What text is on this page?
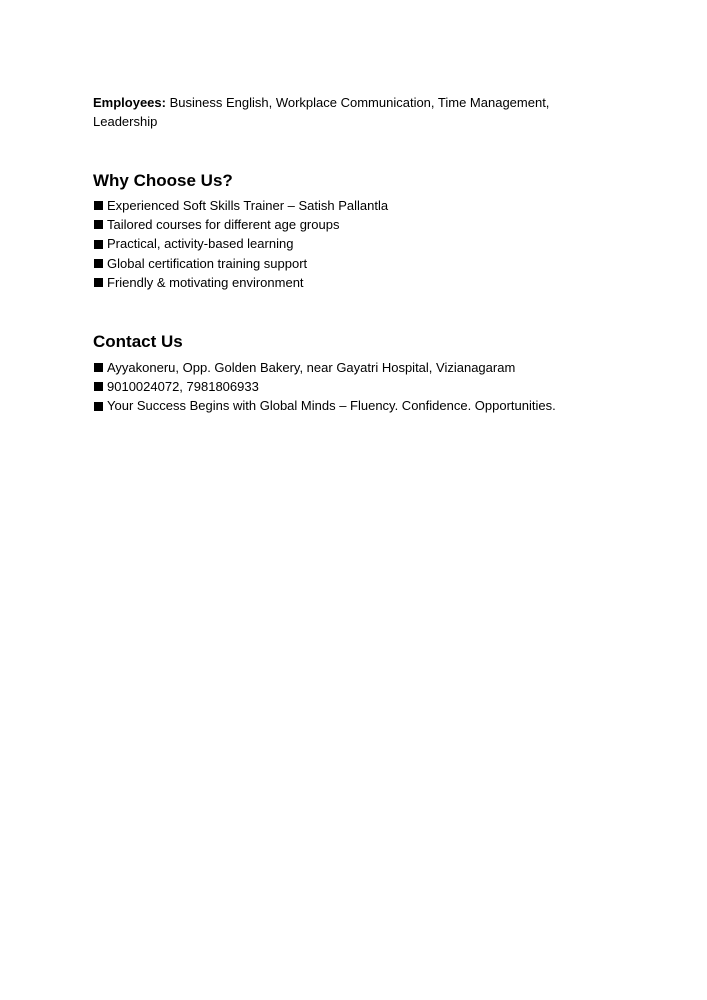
Employees: Business English, Workplace Communication, Time Management, Leadership

Why Choose Us?
Experienced Soft Skills Trainer – Satish Pallantla
Tailored courses for different age groups
Practical, activity-based learning
Global certification training support
Friendly & motivating environment
Contact Us
Ayyakoneru, Opp. Golden Bakery, near Gayatri Hospital, Vizianagaram
9010024072, 7981806933
Your Success Begins with Global Minds – Fluency. Confidence. Opportunities.
